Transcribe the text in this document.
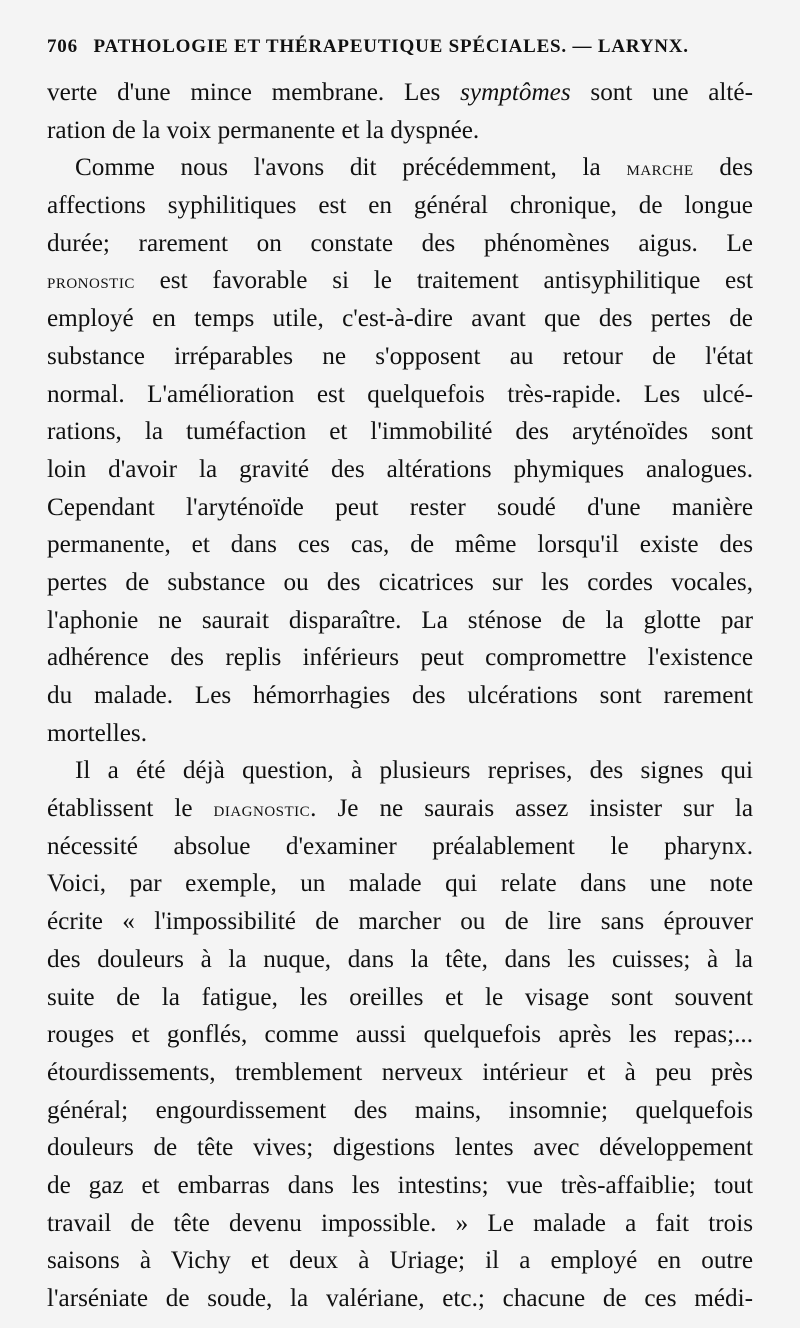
706 PATHOLOGIE ET THÉRAPEUTIQUE SPÉCIALES. — LARYNX.
verte d'une mince membrane. Les symptômes sont une alté-
ration de la voix permanente et la dyspnée.
Comme nous l'avons dit précédemment, la marche des
affections syphilitiques est en général chronique, de longue
durée; rarement on constate des phénomènes aigus. Le
pronostic est favorable si le traitement antisyphilitique est
employé en temps utile, c'est-à-dire avant que des pertes de
substance irréparables ne s'opposent au retour de l'état
normal. L'amélioration est quelquefois très-rapide. Les ulcé-
rations, la tuméfaction et l'immobilité des aryténoïdes sont
loin d'avoir la gravité des altérations phymiques analogues.
Cependant l'aryténoïde peut rester soudé d'une manière
permanente, et dans ces cas, de même lorsqu'il existe des
pertes de substance ou des cicatrices sur les cordes vocales,
l'aphonie ne saurait disparaître. La sténose de la glotte par
adhérence des replis inférieurs peut compromettre l'existence
du malade. Les hémorrhagies des ulcérations sont rarement
mortelles.
Il a été déjà question, à plusieurs reprises, des signes qui
établissent le diagnostic. Je ne saurais assez insister sur la
nécessité absolue d'examiner préalablement le pharynx.
Voici, par exemple, un malade qui relate dans une note
écrite « l'impossibilité de marcher ou de lire sans éprouver
des douleurs à la nuque, dans la tête, dans les cuisses; à la
suite de la fatigue, les oreilles et le visage sont souvent
rouges et gonflés, comme aussi quelquefois après les repas;...
étourdissements, tremblement nerveux intérieur et à peu près
général; engourdissement des mains, insomnie; quelquefois
douleurs de tête vives; digestions lentes avec développement
de gaz et embarras dans les intestins; vue très-affaiblie; tout
travail de tête devenu impossible. » Le malade a fait trois
saisons à Vichy et deux à Uriage; il a employé en outre
l'arséniate de soude, la valériane, etc.; chacune de ces médi-
